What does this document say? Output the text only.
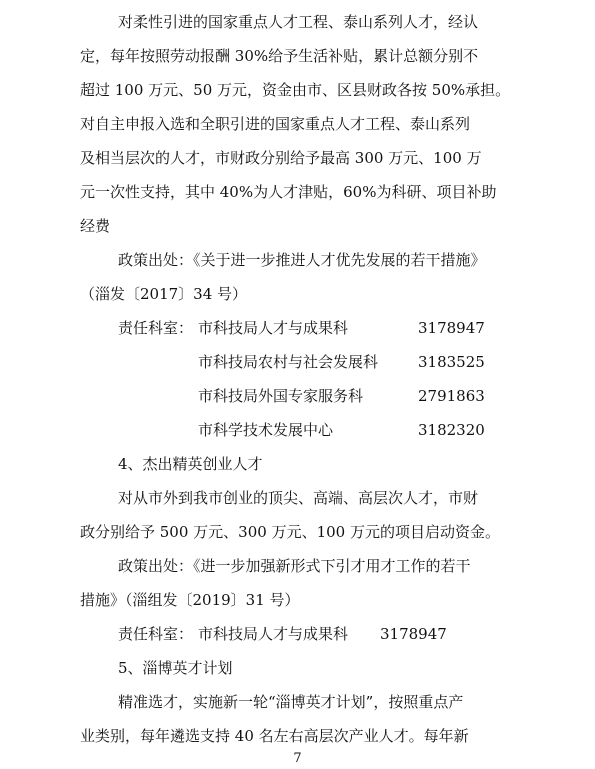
对柔性引进的国家重点人才工程、泰山系列人才，经认
定，每年按照劳动报酬 30%给予生活补贴，累计总额分别不
超过 100 万元、50 万元，资金由市、区县财政各按 50%承担。
对自主申报入选和全职引进的国家重点人才工程、泰山系列
及相当层次的人才，市财政分别给予最高 300 万元、100 万
元一次性支持，其中 40%为人才津贴，60%为科研、项目补助
经费
政策出处：《关于进一步推进人才优先发展的若干措施》
（淄发〔2017〕34 号）
责任科室： 市科技局人才与成果科	3178947
市科技局农村与社会发展科	3183525
市科技局外国专家服务科	2791863
市科学技术发展中心	3182320
4、杰出精英创业人才
对从市外到我市创业的顶尖、高端、高层次人才，市财
政分别给予 500 万元、300 万元、100 万元的项目启动资金。
政策出处：《进一步加强新形式下引才用才工作的若干
措施》（淄组发〔2019〕31 号）
责任科室： 市科技局人才与成果科 3178947
5、淄博英才计划
精准选才，实施新一轮“淄博英才计划”，按照重点产
业类别，每年遴选支持 40 名左右高层次产业人才。每年新
7
